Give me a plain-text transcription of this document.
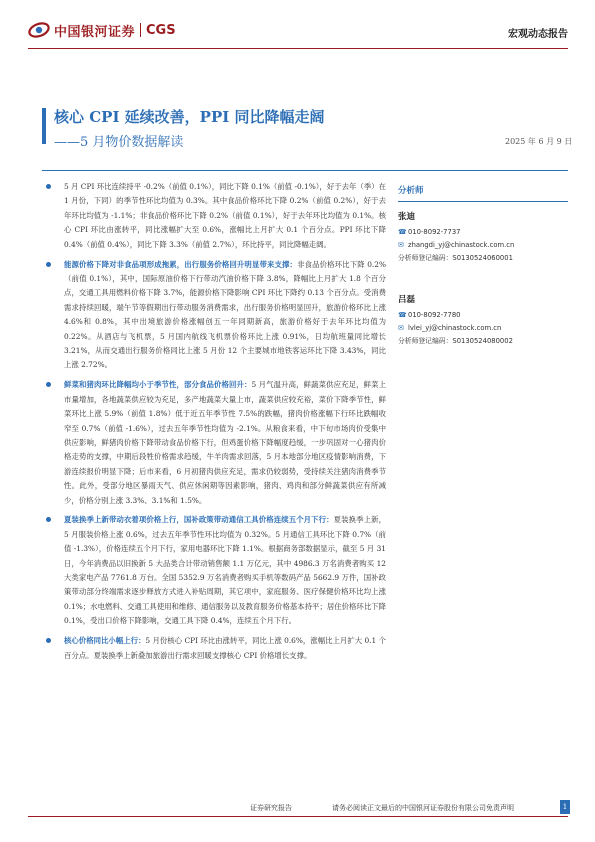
中国银河证券 CGS	宏观动态报告
核心 CPI 延续改善，PPI 同比降幅走阔
——5 月物价数据解读	2025 年 6 月 9 日
5 月 CPI 环比连续持平 -0.2%（前值 0.1%），同比下降 0.1%（前值 -0.1%），好于去年（季）在 1 月份，下同）的季节性环比均值为 0.3%。其中食品价格环比下降 0.2%（前值 0.2%），好于去年环比均值为 -1.1%；非食品价格环比下降 0.2%（前值 0.1%），好于去年环比均值为 0.1%。核心 CPI 环比由涨转平，同比涨幅扩大至 0.6%，涨幅比上月扩大 0.1 个百分点。PPI 环比下降 0.4%（前值 0.4%），同比下降 3.3%（前值 2.7%），环比持平，同比降幅走阔。
能源价格下降对非食品项形成拖累，出行服务价格回升明显带来支撑：非食品价格环比下降 0.2%（前值 0.1%），其中，国际原油价格下行带动汽油价格下降 3.8%，降幅比上月扩大 1.8 个百分点，交通工具用燃料价格下降 3.7%，能源价格下降影响 CPI 环比下降约 0.13 个百分点。受消费需求持续回暖，端午节等假期出行带动服务消费需求，出行服务价格明显回升，旅游价格环比上涨 4.6%和 0.8%，其中出境旅游价格涨幅创五一年同期新高，旅游价格好于去年环比均值为 0.22%。从酒店与飞机票，5 月国内航线飞机票价格环比上涨 0.91%，日均航班量同比增长 3.21%，从而交通出行服务价格同比上涨 5 月份 12 个主要城市地铁客运环比下降 3.43%，同比上涨 2.72%。
鲜菜和猪肉环比降幅均小于季节性，部分食品价格回升：5 月气温升高，鲜蔬菜供应充足，鲜菜上市量增加，各地蔬菜供应较为充足，多产地蔬菜大量上市，蔬菜供应较充裕，菜价下降季节性，鲜菜环比上涨 5.9%（前值 1.8%）低于近五年季节性 7.5%的跌幅，猪肉价格涨幅下行环比跌幅收窄至 0.7%（前值 -1.6%），过去五年季节性均值为 -2.1%。从粮食来看，中下旬市场肉价受集中供应影响，鲜猪肉价格下降带动食品价格下行，但鸡蛋价格下降幅度趋缓，一步巩固对一心猪肉价格走势的支撑，中期后段牲价格需求趋缓，牛羊肉需求回落，5 月本地部分地区疫情影响消费，下游连续报价明显下降；后市来看，6 月初猪肉供应充足，需求仍较弱势，受持续关注猪肉消费季节性。此外，受部分地区暴雨天气、供应休闲期等因素影响，猪肉、鸡肉和部分鲜蔬菜供应有所减少，价格分别上涨 3.3%、3.1%和 1.5%。
夏装换季上新带动衣着项价格上行，国补政策带动通信工具价格连续五个月下行：夏装换季上新，5 月服装价格上涨 0.6%，过去五年季节性环比均值为 0.32%。5 月通信工具环比下降 0.7%（前值 -1.3%），价格连续五个月下行，家用电器环比下降 1.1%。根据商务部数据显示，截至 5 月 31 日，今年消费品以旧换新 5 大品类合计带动销售额 1.1 万亿元，其中 4986.3 万名消费者购买 12 大类家电产品 7761.8 万台。全国 5352.9 万名消费者购买手机等数码产品 5662.9 万件，国补政策带动部分终端需求逐步释放方式进入补贴周期，其它项中，家庭服务、医疗保健价格环比均上涨 0.1%；水电燃料、交通工具使用和维修、通信服务以及教育服务价格基本持平；居住价格环比下降 0.1%，受出口价格下降影响，交通工具下降 0.4%，连续五个月下行。
核心价格同比小幅上行：5 月份核心 CPI 环比由涨转平，同比上涨 0.6%，涨幅比上月扩大 0.1 个百分点。夏装换季上新叠加旅游出行需求回暖支撑核心 CPI 价格增长支撑。
分析师
张迪
☎ 010-8092-7737
✉ zhangdi_yj@chinastock.com.cn
分析师登记编码： S0130524060001
吕磊
☎ 010-8092-7780
✉ lvlei_yj@chinastock.com.cn
分析师登记编码： S0130524080002
证券研究报告	请务必阅读正文最后的中国银河证券股份有限公司免责声明	1
